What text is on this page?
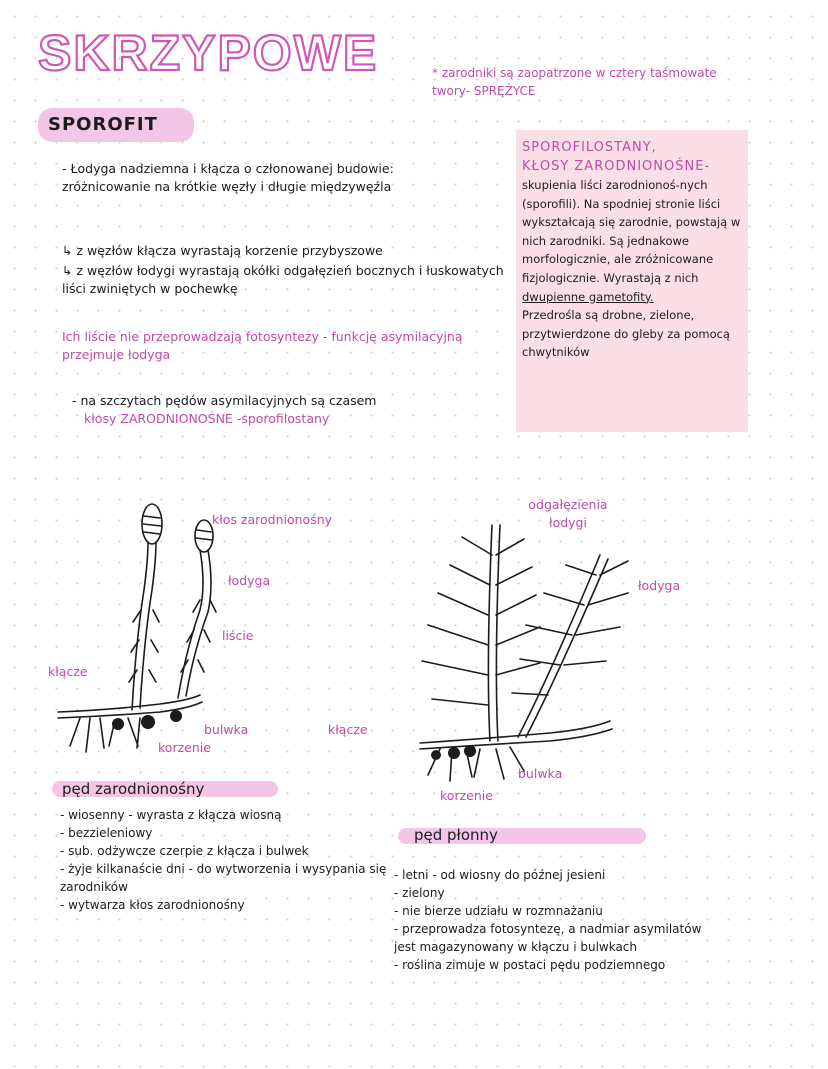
SKRZYPOWE	* zarodniki są zaopatrzone w cztery taśmowate twory- SPRĘŻYCE
SPOROFIT
- Łodyga nadziemna i kłącza o członowanej budowie: zróżnicowanie na krótkie węzły i długie międzywęźla
↳ z węzłów kłącza wyrastają korzenie przybyszowe
↳ z węzłów łodygi wyrastają okółki odgałęzień bocznych i łuskowatych liści zwiniętych w pochewkę
Ich liście nie przeprowadzają fotosyntezy - funkcję asymilacyjną przejmuje łodyga
- na szczytach pędów asymilacyjnych są czasem
kłosy ZARODNIONOŚNE -sporofilostany
SPOROFILOSTANY,
KŁOSY ZARODNIONOŚNE-
skupienia liści zarodnionoś-nych (sporofili). Na spodniej stronie liści wykształcają się zarodnie, powstają w nich zarodniki. Są jednakowe morfologicznie, ale zróżnicowane fizjologicznie. Wyrastają z nich
dwupienne gametofity.
Przedrośla są drobne, zielone, przytwierdzone do gleby za pomocą chwytników
kłos zarodnionośny
łodyga
liście
kłącze
bulwka
korzenie
odgałęzienia łodygi
łodyga
kłącze
bulwka
korzenie
pęd zarodnionośny
- wiosenny - wyrasta z kłącza wiosną
- bezzieleniowy
- sub. odżywcze czerpie z kłącza i bulwek
- żyje kilkanaście dni - do wytworzenia i wysypania się zarodników
- wytwarza kłos zarodnionośny
pęd płonny
- letni - od wiosny do późnej jesieni
- zielony
- nie bierze udziału w rozmnażaniu
- przeprowadza fotosyntezę, a nadmiar asymilatów jest magazynowany w kłączu i bulwkach
- roślina zimuje w postaci pędu podziemnego
